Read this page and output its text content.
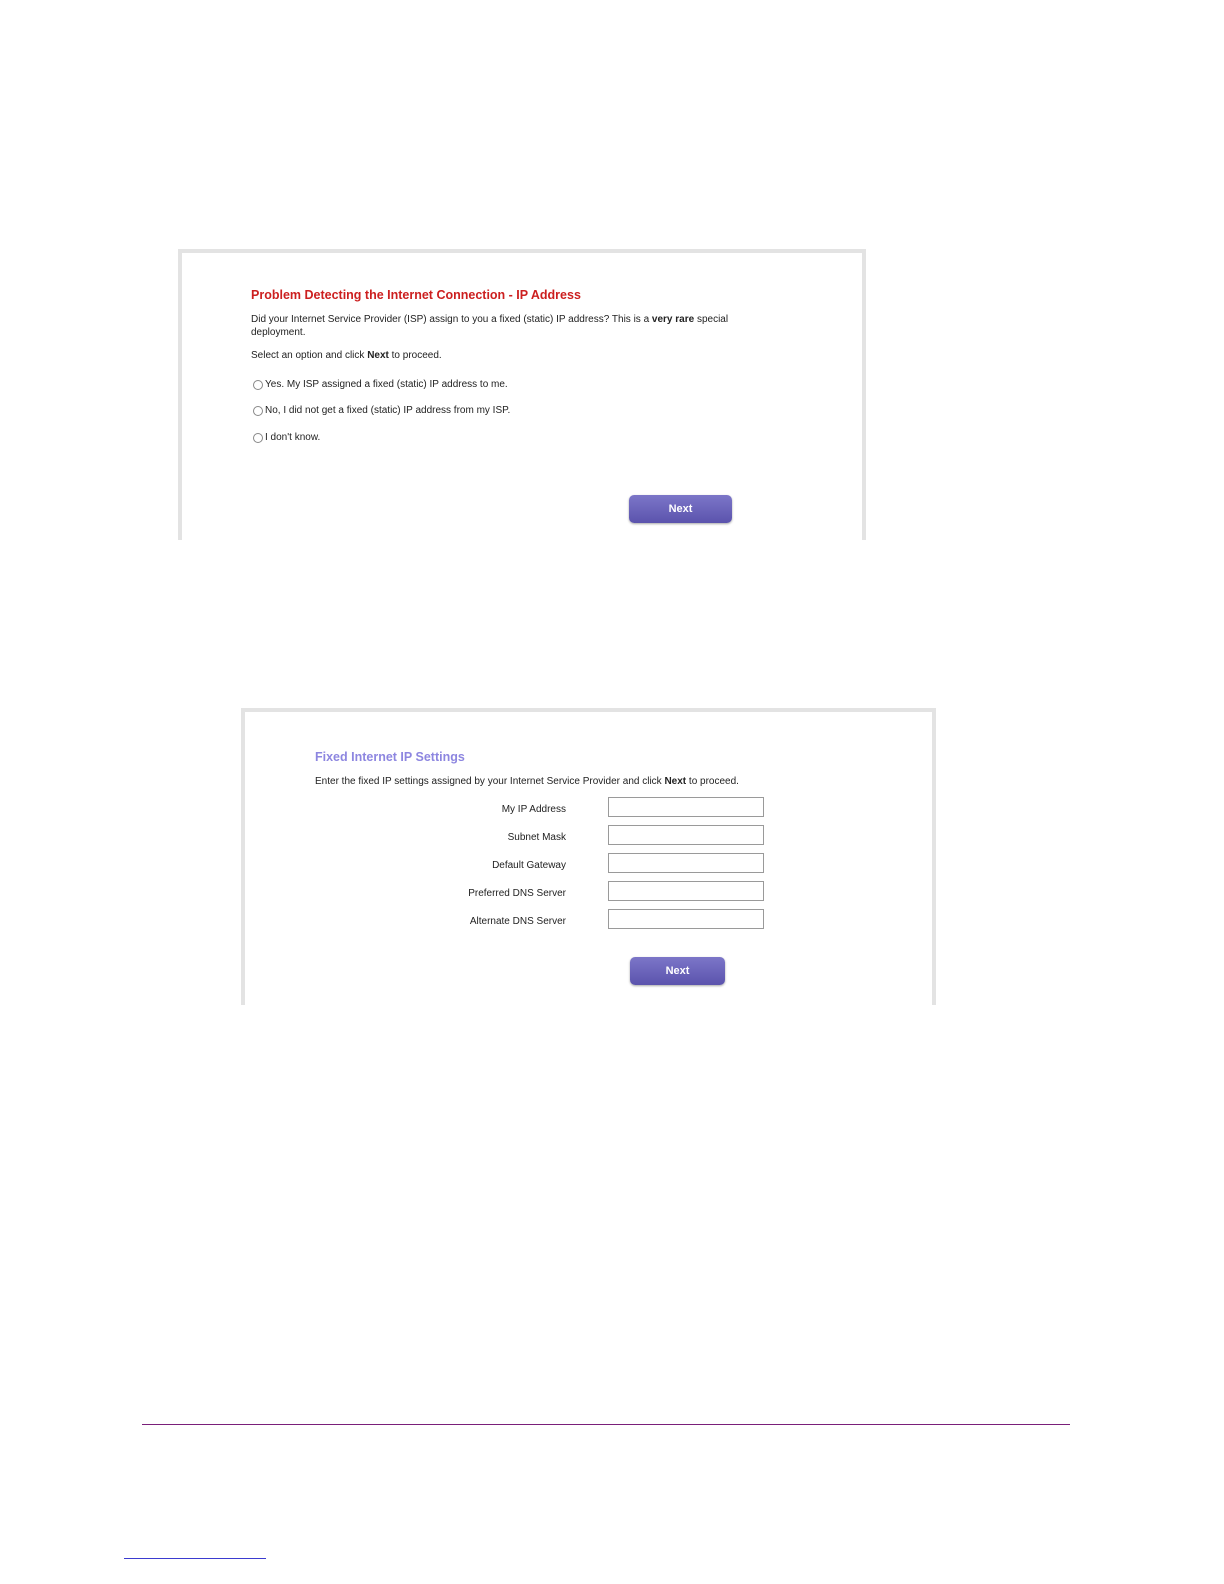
Problem Detecting the Internet Connection - IP Address
Did your Internet Service Provider (ISP) assign to you a fixed (static) IP address? This is a very rare special deployment.
Select an option and click Next to proceed.
Yes. My ISP assigned a fixed (static) IP address to me.
No, I did not get a fixed (static) IP address from my ISP.
I don't know.
Next
Fixed Internet IP Settings
Enter the fixed IP settings assigned by your Internet Service Provider and click Next to proceed.
My IP Address
Subnet Mask
Default Gateway
Preferred DNS Server
Alternate DNS Server
Next
